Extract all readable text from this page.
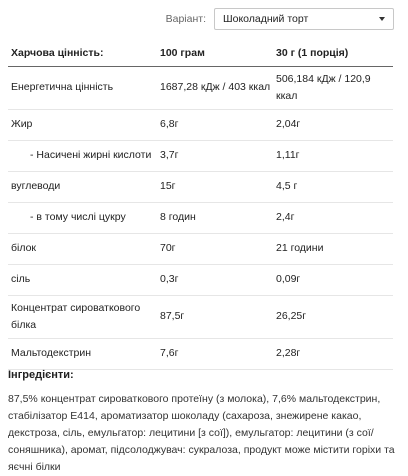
Варіант: Шоколадний торт
Харчова цінність:	100 грам	30 г (1 порція)
Енергетична цінність	1687,28 кДж / 403 ккал	506,184 кДж / 120,9 ккал
Жир	6,8г	2,04г
- Насичені жирні кислоти	3,7г	1,11г
вуглеводи	15г	4,5 г
- в тому числі цукру	8 годин	2,4г
білок	70г	21 години
сіль	0,3г	0,09г
Концентрат сироваткового білка	87,5г	26,25г
Мальтодекстрин	7,6г	2,28г
Інгредієнти:
87,5% концентрат сироваткового протеїну (з молока), 7,6% мальтодекстрин, стабілізатор E414, ароматизатор шоколаду (сахароза, знежирене какао, декстроза, сіль, емульгатор: лецитини [з сої]), емульгатор: лецитини (з сої/соняшника), аромат, підсолоджувач: сукралоза, продукт може містити горіхи та яєчні білки
